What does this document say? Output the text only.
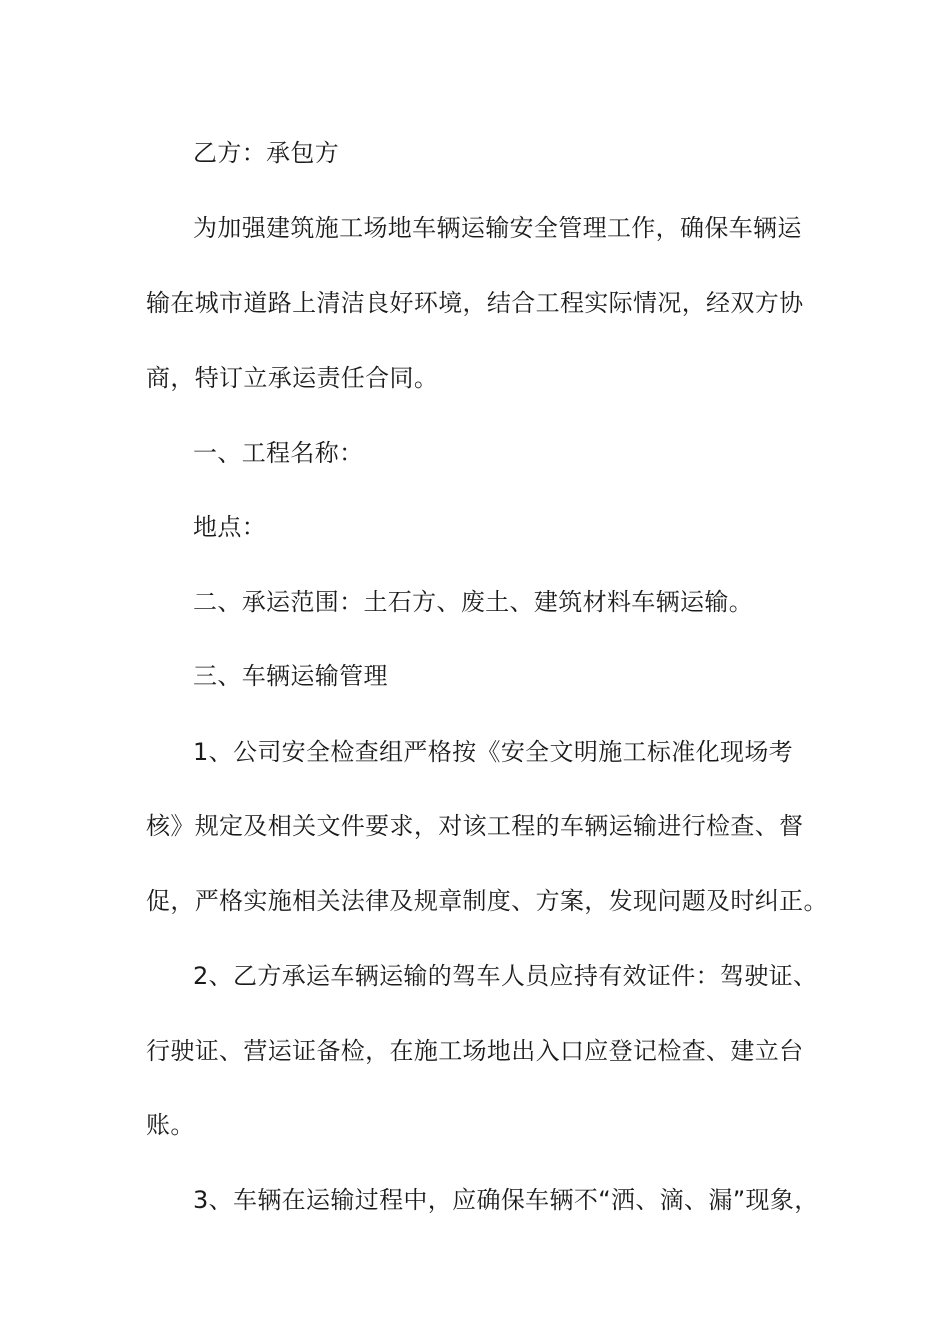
乙方：承包方
为加强建筑施工场地车辆运输安全管理工作，确保车辆运
输在城市道路上清洁良好环境，结合工程实际情况，经双方协
商，特订立承运责任合同。
一、工程名称：
地点：
二、承运范围：土石方、废土、建筑材料车辆运输。
三、车辆运输管理
1、公司安全检查组严格按《安全文明施工标准化现场考
核》规定及相关文件要求，对该工程的车辆运输进行检查、督
促，严格实施相关法律及规章制度、方案，发现问题及时纠正。
2、乙方承运车辆运输的驾车人员应持有效证件：驾驶证、
行驶证、营运证备检，在施工场地出入口应登记检查、建立台
账。
3、车辆在运输过程中，应确保车辆不“洒、滴、漏”现象，
